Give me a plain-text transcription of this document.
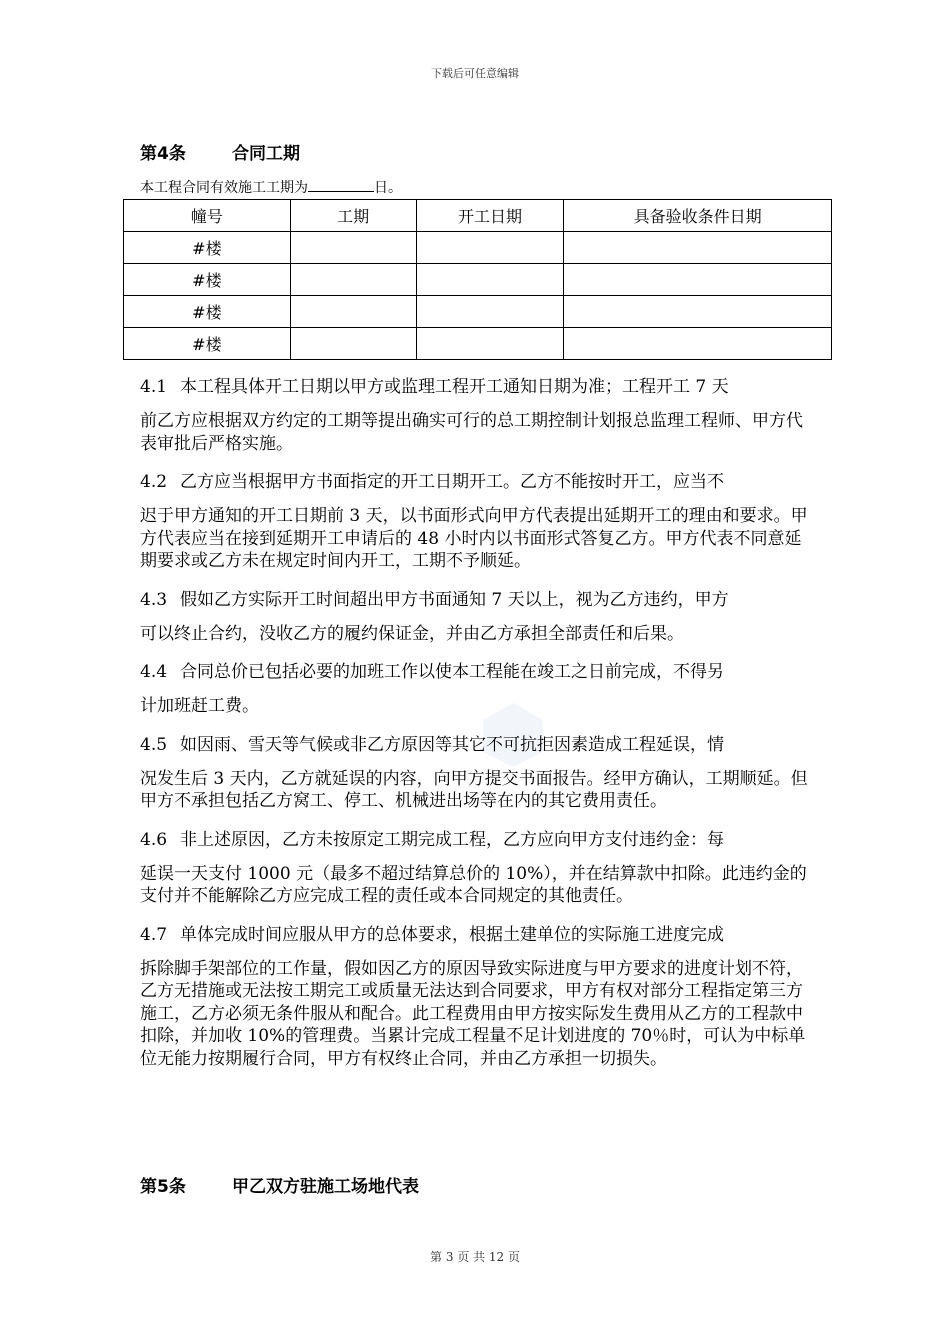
下载后可任意编辑
第4条	合同工期
本工程合同有效施工工期为	日。
幢号	工期	开工日期	具备验收条件日期
#楼			
#楼			
#楼			
#楼			
4.1 本工程具体开工日期以甲方或监理工程开工通知日期为准；工程开工 7 天
前乙方应根据双方约定的工期等提出确实可行的总工期控制计划报总监理工程师、甲方代表审批后严格实施。
4.2 乙方应当根据甲方书面指定的开工日期开工。乙方不能按时开工，应当不
迟于甲方通知的开工日期前 3 天，以书面形式向甲方代表提出延期开工的理由和要求。甲方代表应当在接到延期开工申请后的 48 小时内以书面形式答复乙方。甲方代表不同意延期要求或乙方未在规定时间内开工，工期不予顺延。
4.3 假如乙方实际开工时间超出甲方书面通知 7 天以上，视为乙方违约，甲方
可以终止合约，没收乙方的履约保证金，并由乙方承担全部责任和后果。
4.4 合同总价已包括必要的加班工作以使本工程能在竣工之日前完成，不得另
计加班赶工费。
4.5 如因雨、雪天等气候或非乙方原因等其它不可抗拒因素造成工程延误，情
况发生后 3 天内，乙方就延误的内容，向甲方提交书面报告。经甲方确认，工期顺延。但甲方不承担包括乙方窝工、停工、机械进出场等在内的其它费用责任。
4.6 非上述原因，乙方未按原定工期完成工程，乙方应向甲方支付违约金：每
延误一天支付 1000 元（最多不超过结算总价的 10%），并在结算款中扣除。此违约金的支付并不能解除乙方应完成工程的责任或本合同规定的其他责任。
4.7 单体完成时间应服从甲方的总体要求，根据土建单位的实际施工进度完成
拆除脚手架部位的工作量，假如因乙方的原因导致实际进度与甲方要求的进度计划不符，乙方无措施或无法按工期完工或质量无法达到合同要求，甲方有权对部分工程指定第三方施工，乙方必须无条件服从和配合。此工程费用由甲方按实际发生费用从乙方的工程款中扣除，并加收 10%的管理费。当累计完成工程量不足计划进度的 70％时，可认为中标单位无能力按期履行合同，甲方有权终止合同，并由乙方承担一切损失。
第5条	甲乙双方驻施工场地代表
第 3 页 共 12 页
